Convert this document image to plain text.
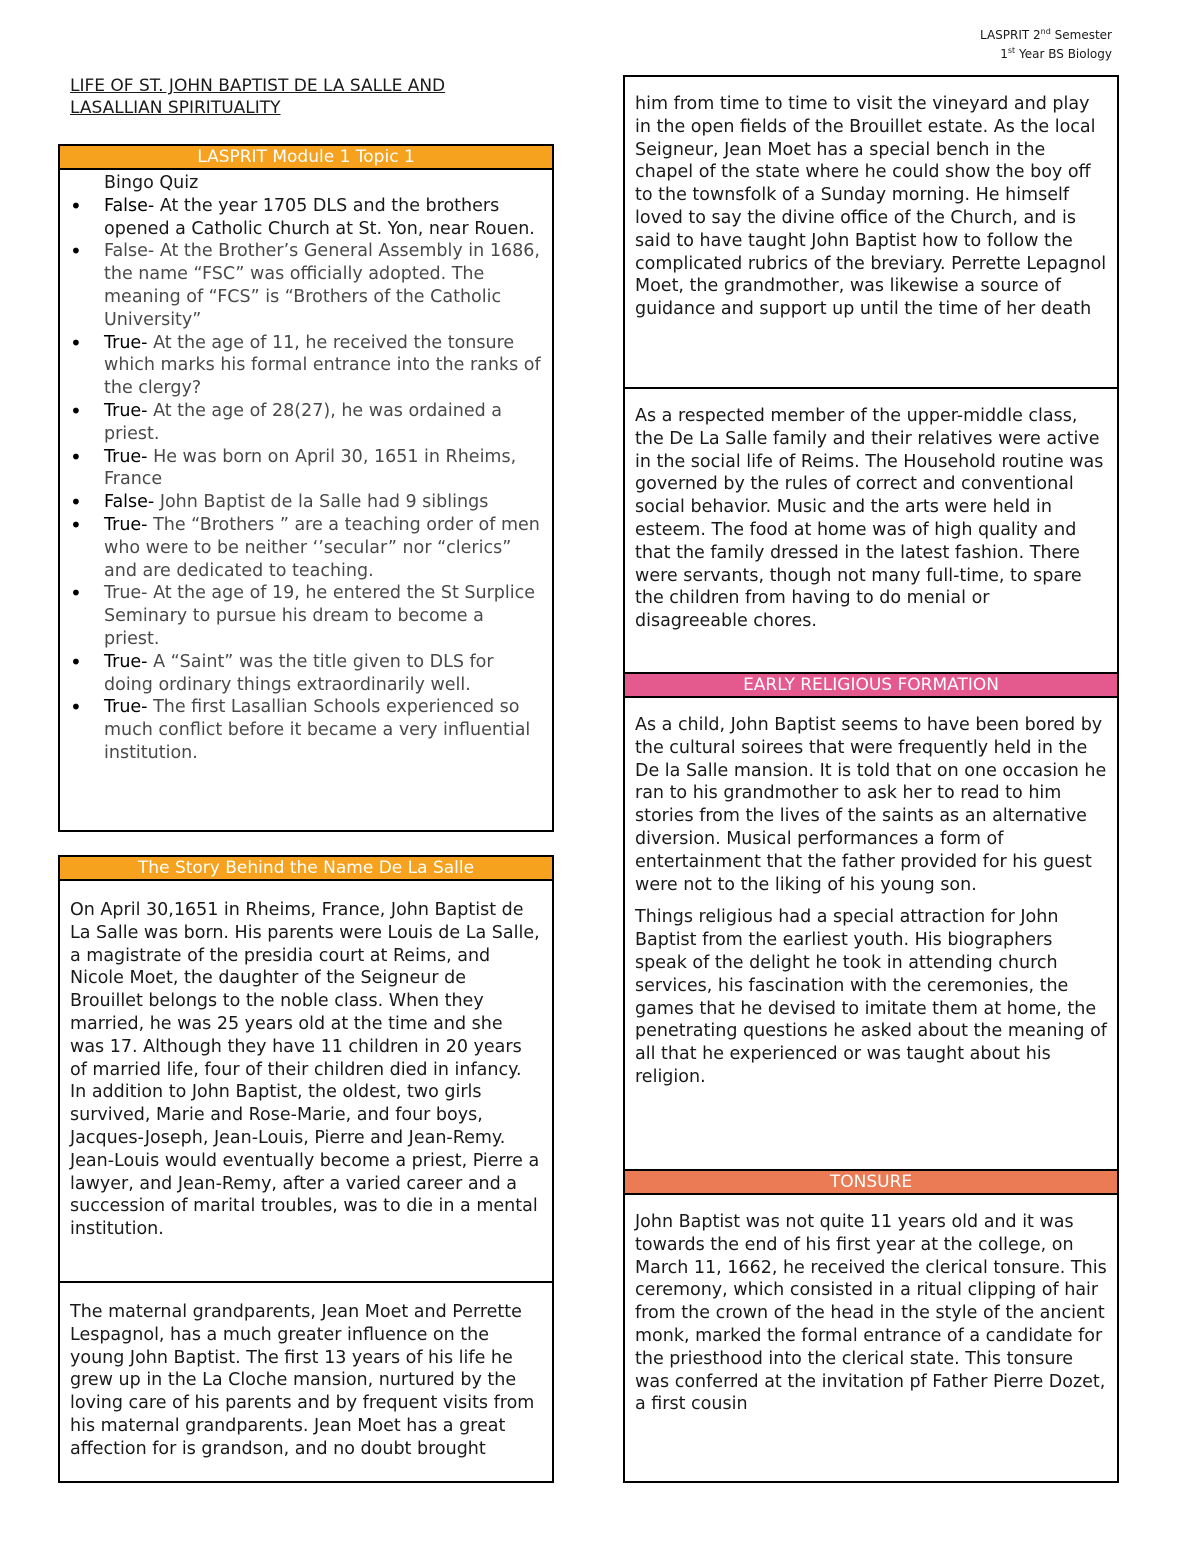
LASPRIT 2nd Semester
1st Year BS Biology
LIFE OF ST. JOHN BAPTIST DE LA SALLE AND LASALLIAN SPIRITUALITY
LASPRIT Module 1 Topic 1
Bingo Quiz
• False- At the year 1705 DLS and the brothers opened a Catholic Church at St. Yon, near Rouen.
• False- At the Brother’s General Assembly in 1686, the name “FSC” was officially adopted. The meaning of “FCS” is “Brothers of the Catholic University”
• True- At the age of 11, he received the tonsure which marks his formal entrance into the ranks of the clergy?
• True- At the age of 28(27), he was ordained a priest.
• True- He was born on April 30, 1651 in Rheims, France
• False- John Baptist de la Salle had 9 siblings
• True- The “Brothers ” are a teaching order of men who were to be neither ‘’secular” nor “clerics” and are dedicated to teaching.
• True- At the age of 19, he entered the St Surplice Seminary to pursue his dream to become a priest.
• True- A “Saint” was the title given to DLS for doing ordinary things extraordinarily well.
• True- The first Lasallian Schools experienced so much conflict before it became a very influential institution.
The Story Behind the Name De La Salle

On April 30,1651 in Rheims, France, John Baptist de La Salle was born. His parents were Louis de La Salle, a magistrate of the presidia court at Reims, and Nicole Moet, the daughter of the Seigneur de Brouillet belongs to the noble class. When they married, he was 25 years old at the time and she was 17. Although they have 11 children in 20 years of married life, four of their children died in infancy. In addition to John Baptist, the oldest, two girls survived, Marie and Rose-Marie, and four boys, Jacques-Joseph, Jean-Louis, Pierre and Jean-Remy. Jean-Louis would eventually become a priest, Pierre a lawyer, and Jean-Remy, after a varied career and a succession of marital troubles, was to die in a mental institution.

The maternal grandparents, Jean Moet and Perrette Lespagnol, has a much greater influence on the young John Baptist. The first 13 years of his life he grew up in the La Cloche mansion, nurtured by the loving care of his parents and by frequent visits from his maternal grandparents. Jean Moet has a great affection for is grandson, and no doubt brought

him from time to time to visit the vineyard and play in the open fields of the Brouillet estate. As the local Seigneur, Jean Moet has a special bench in the chapel of the state where he could show the boy off to the townsfolk of a Sunday morning. He himself loved to say the divine office of the Church, and is said to have taught John Baptist how to follow the complicated rubrics of the breviary. Perrette Lepagnol Moet, the grandmother, was likewise a source of guidance and support up until the time of her death

As a respected member of the upper-middle class, the De La Salle family and their relatives were active in the social life of Reims. The Household routine was governed by the rules of correct and conventional social behavior. Music and the arts were held in esteem. The food at home was of high quality and that the family dressed in the latest fashion. There were servants, though not many full-time, to spare the children from having to do menial or disagreeable chores.

EARLY RELIGIOUS FORMATION

As a child, John Baptist seems to have been bored by the cultural soirees that were frequently held in the De la Salle mansion. It is told that on one occasion he ran to his grandmother to ask her to read to him stories from the lives of the saints as an alternative diversion. Musical performances a form of entertainment that the father provided for his guest were not to the liking of his young son.

Things religious had a special attraction for John Baptist from the earliest youth. His biographers speak of the delight he took in attending church services, his fascination with the ceremonies, the games that he devised to imitate them at home, the penetrating questions he asked about the meaning of all that he experienced or was taught about his religion.

TONSURE

John Baptist was not quite 11 years old and it was towards the end of his first year at the college, on March 11, 1662, he received the clerical tonsure. This ceremony, which consisted in a ritual clipping of hair from the crown of the head in the style of the ancient monk, marked the formal entrance of a candidate for the priesthood into the clerical state. This tonsure was conferred at the invitation pf Father Pierre Dozet, a first cousin
